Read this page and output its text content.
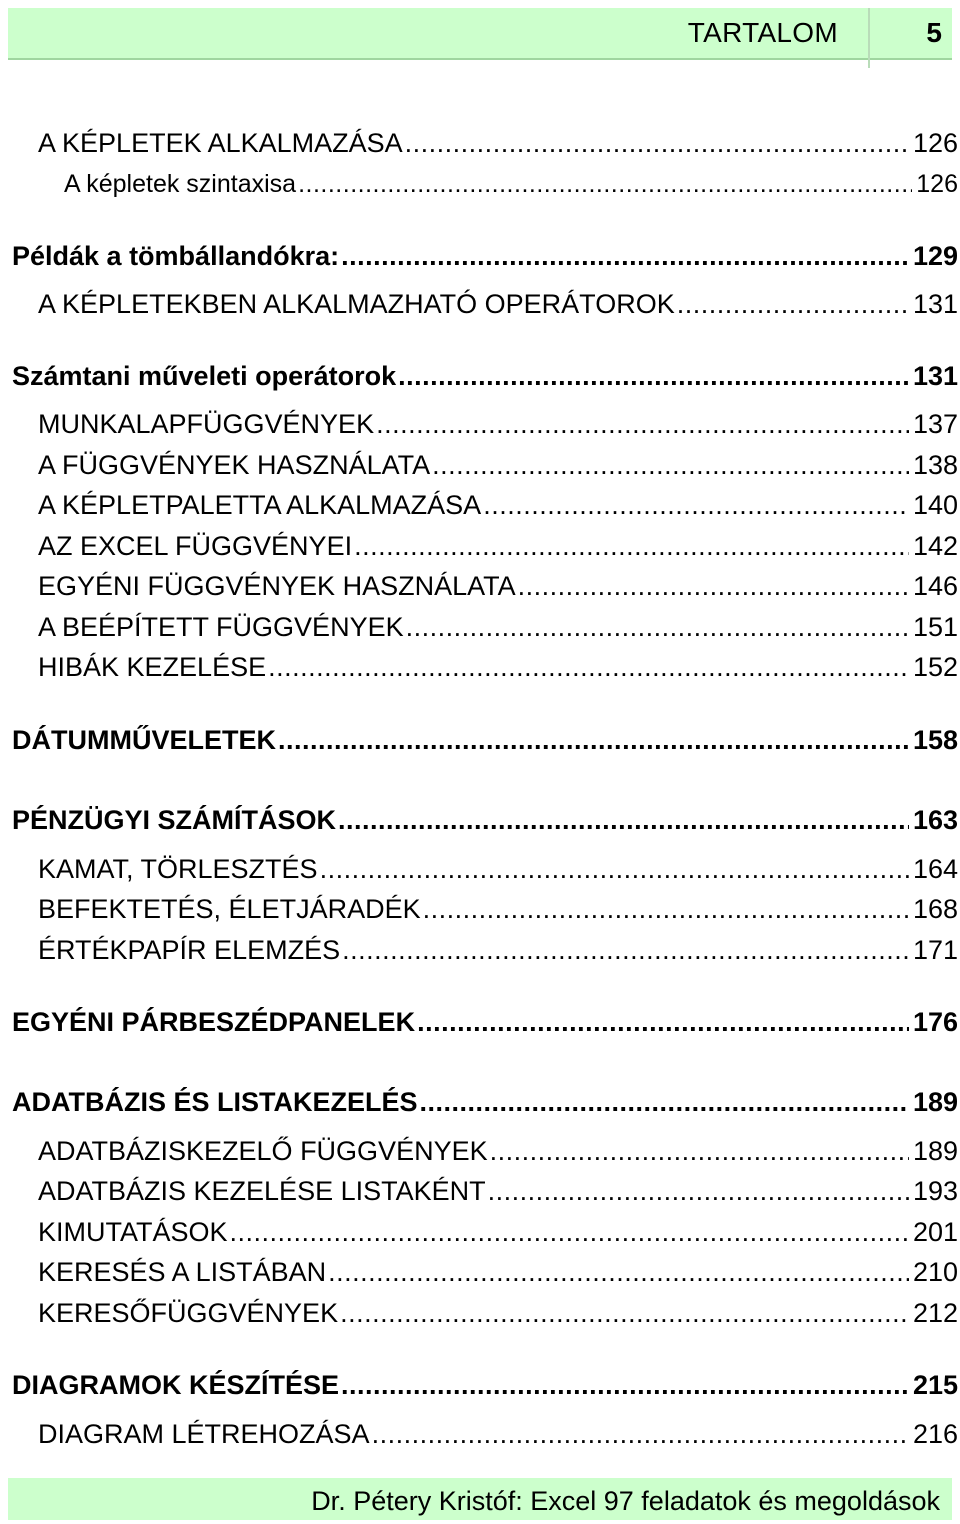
TARTALOM	5
A KÉPLETEK ALKALMAZÁSA .....	126
A képletek szintaxisa .....	126
Példák a tömbállandókra: .....	129
A KÉPLETEKBEN ALKALMAZHATÓ OPERÁTOROK .....	131
Számtani műveleti operátorok .....	131
MUNKALAPFÜGGVÉNYEK .....	137
A FÜGGVÉNYEK HASZNÁLATA .....	138
A KÉPLETPALETTA ALKALMAZÁSA .....	140
AZ EXCEL FÜGGVÉNYEI .....	142
EGYÉNI FÜGGVÉNYEK HASZNÁLATA .....	146
A BEÉPÍTETT FÜGGVÉNYEK .....	151
HIBÁK KEZELÉSE .....	152
DÁTUMMŰVELETEK .....	158
PÉNZÜGYI SZÁMÍTÁSOK .....	163
KAMAT, TÖRLESZTÉS .....	164
BEFEKTETÉS, ÉLETJÁRADÉK .....	168
ÉRTÉKPAPÍR ELEMZÉS .....	171
EGYÉNI PÁRBESZÉDPANELEK .....	176
ADATBÁZIS ÉS LISTAKEZELÉS .....	189
ADATBÁZISKEZELŐ FÜGGVÉNYEK .....	189
ADATBÁZIS KEZELÉSE LISTAKÉNT .....	193
KIMUTATÁSOK .....	201
KERESÉS A LISTÁBAN .....	210
KERESŐFÜGGVÉNYEK .....	212
DIAGRAMOK KÉSZÍTÉSE .....	215
DIAGRAM LÉTREHOZÁSA .....	216
Dr. Pétery Kristóf: Excel 97 feladatok és megoldások
